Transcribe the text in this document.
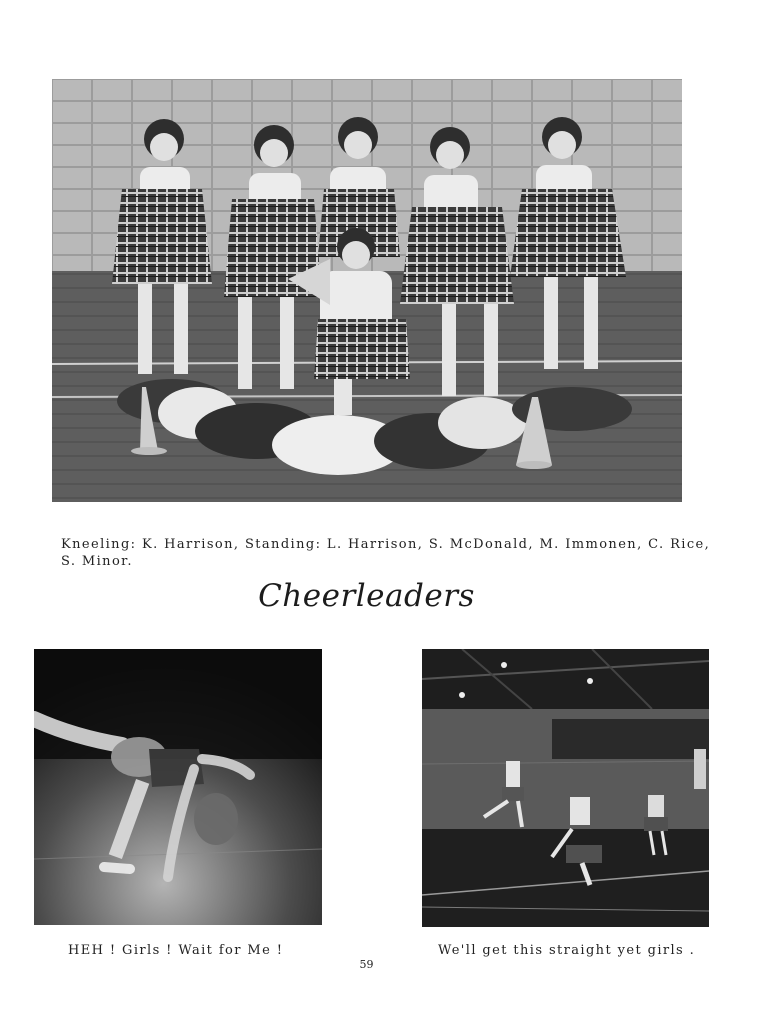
Kneeling: K. Harrison, Standing: L. Harrison, S. McDonald, M. Immonen, C. Rice, S. Minor.

Cheerleaders

HEH ! Girls ! Wait for Me !	We'll get this straight yet girls .

59
